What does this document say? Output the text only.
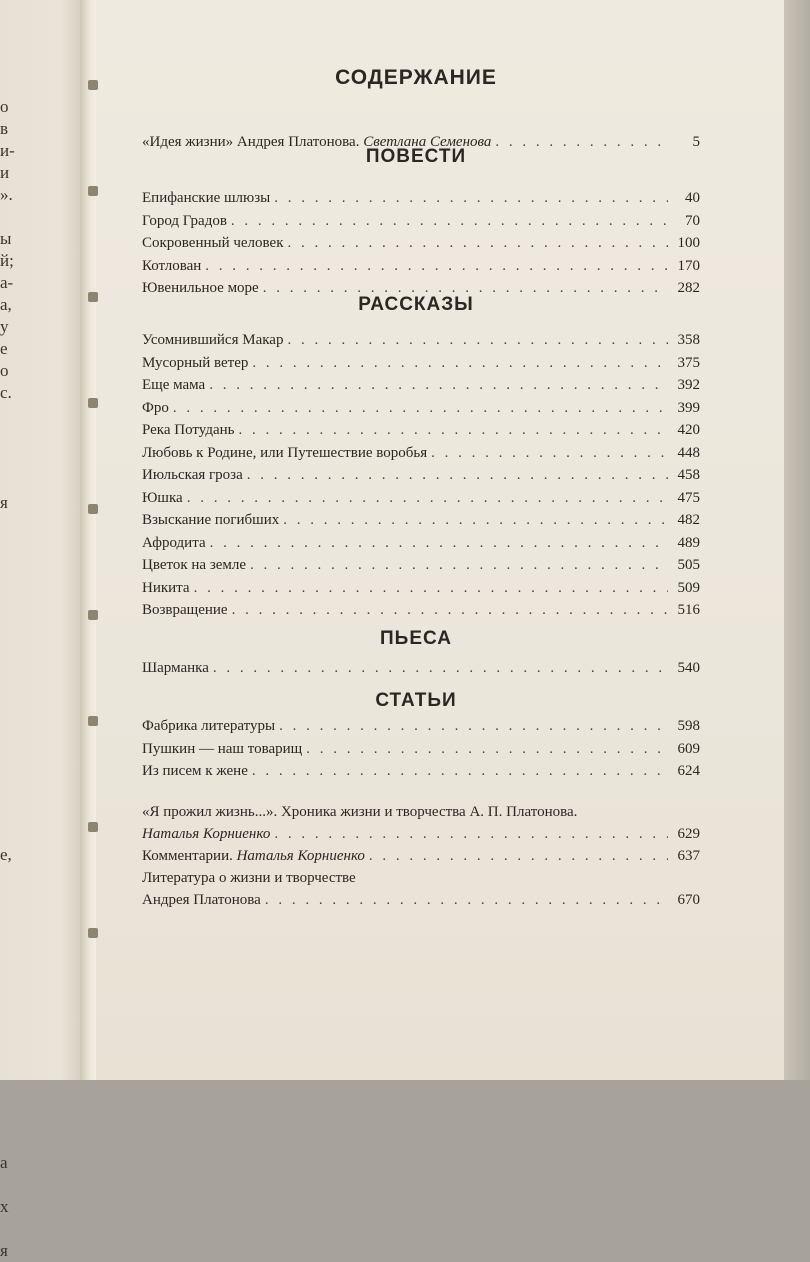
о
в
и-
и
».
ы
й;
а-
а,
у
е
о
с.
я
е,
а
х
я
СОДЕРЖАНИЕ
«Идея жизни» Андрея Платонова. Светлана Семенова . . .	5
ПОВЕСТИ
Епифанские шлюзы . . .	40
Город Градов . . .	70
Сокровенный человек . . .	100
Котлован . . .	170
Ювенильное море . . .	282
РАССКАЗЫ
Усомнившийся Макар . . .	358
Мусорный ветер . . .	375
Еще мама . . .	392
Фро . . .	399
Река Потудань . . .	420
Любовь к Родине, или Путешествие воробья . . .	448
Июльская гроза . . .	458
Юшка . . .	475
Взыскание погибших . . .	482
Афродита . . .	489
Цветок на земле . . .	505
Никита . . .	509
Возвращение . . .	516
ПЬЕСА
Шарманка . . .	540
СТАТЬИ
Фабрика литературы . . .	598
Пушкин — наш товарищ . . .	609
Из писем к жене . . .	624
«Я прожил жизнь...». Хроника жизни и творчества А. П. Платонова.
Наталья Корниенко . . .	629
Комментарии. Наталья Корниенко . . .	637
Литература о жизни и творчестве
Андрея Платонова . . .	670
